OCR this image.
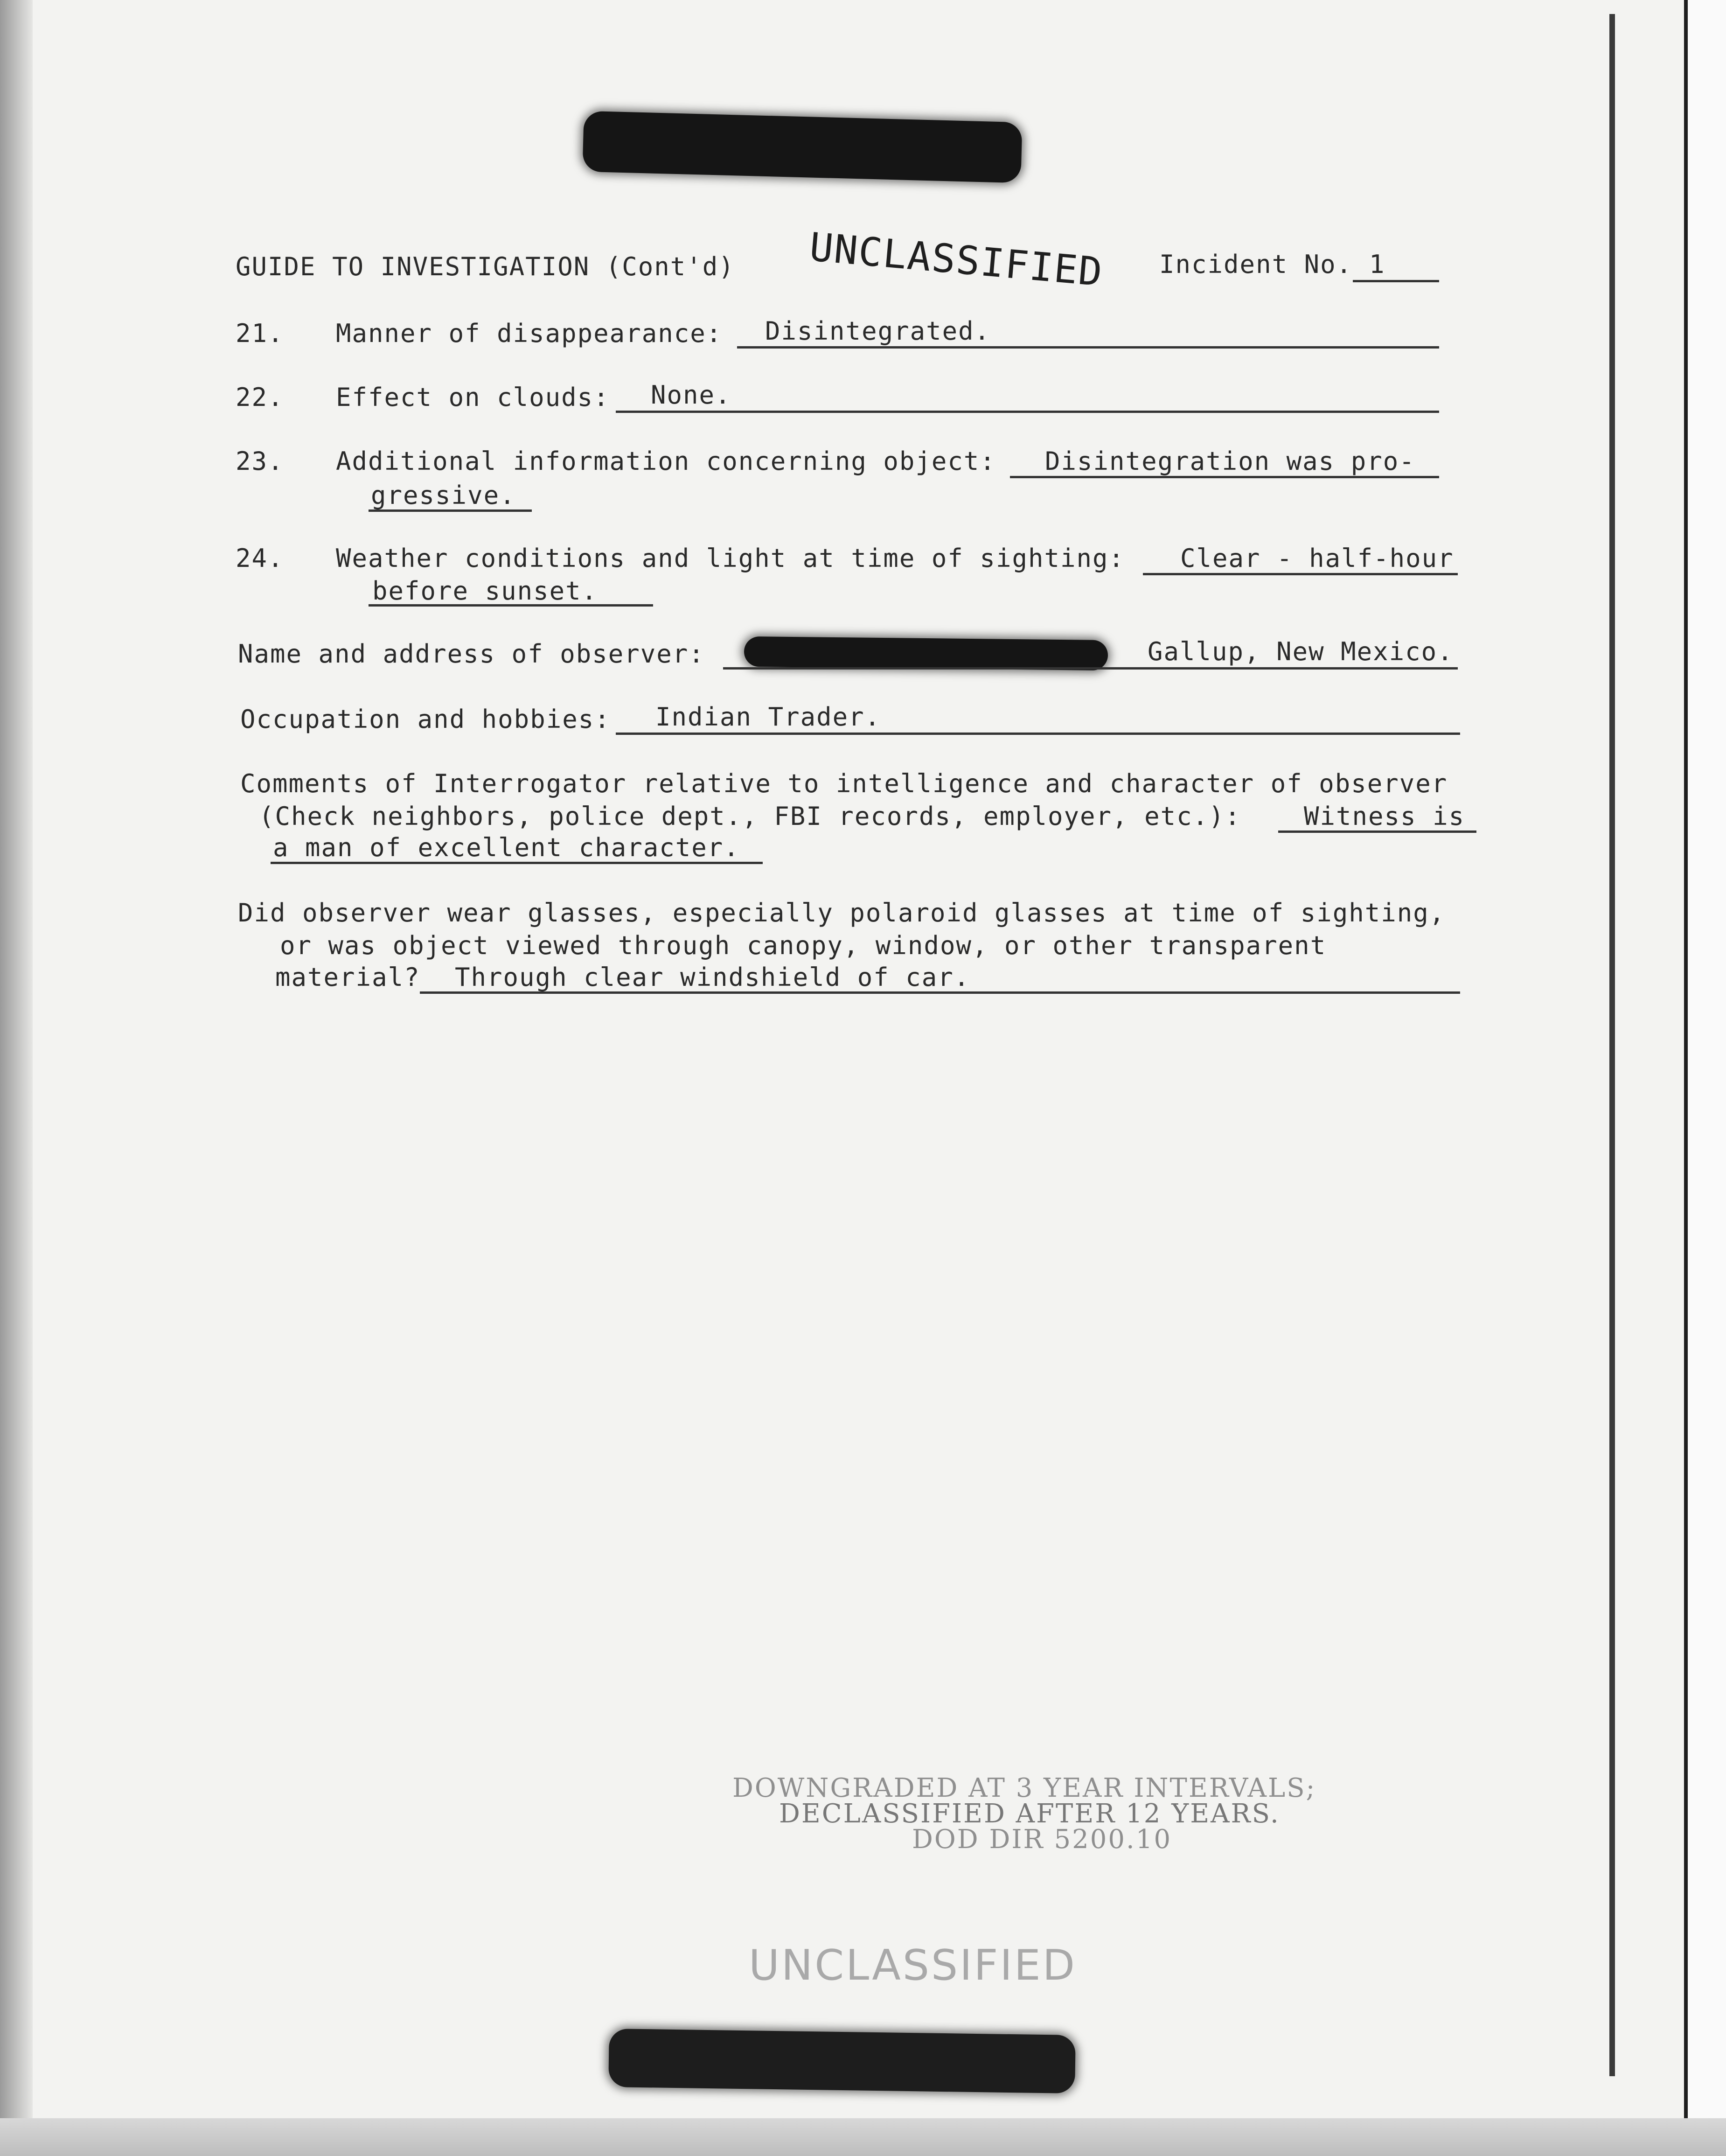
GUIDE TO INVESTIGATION (Cont'd) UNCLASSIFIED Incident No. 1
21. Manner of disappearance: Disintegrated.
22. Effect on clouds: None.
23. Additional information concerning object: Disintegration was pro-
gressive.
24. Weather conditions and light at time of sighting: Clear - half-hour
before sunset.
Name and address of observer:	Gallup, New Mexico.
Occupation and hobbies: Indian Trader.
Comments of Interrogator relative to intelligence and character of observer
(Check neighbors, police dept., FBI records, employer, etc.): Witness is
a man of excellent character.
Did observer wear glasses, especially polaroid glasses at time of sighting,
or was object viewed through canopy, window, or other transparent
material? Through clear windshield of car.
DOWNGRADED AT 3 YEAR INTERVALS;
DECLASSIFIED AFTER 12 YEARS.
DOD DIR 5200.10
UNCLASSIFIED
